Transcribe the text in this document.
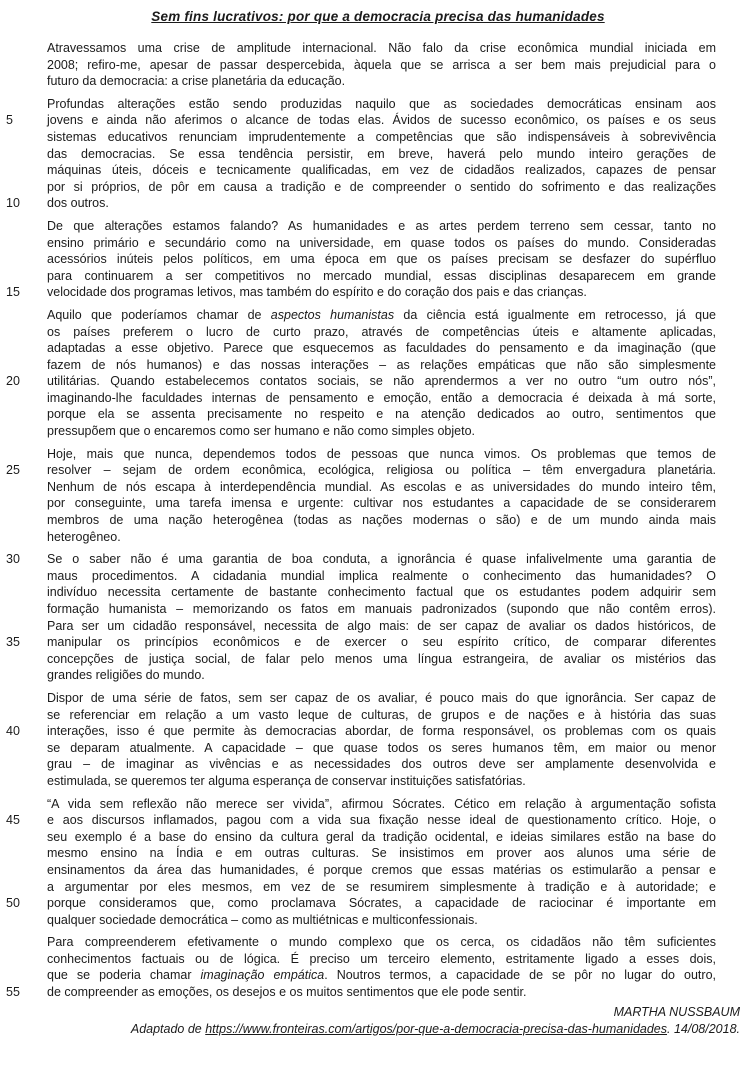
Sem fins lucrativos: por que a democracia precisa das humanidades
Atravessamos uma crise de amplitude internacional. Não falo da crise econômica mundial iniciada em
2008; refiro-me, apesar de passar despercebida, àquela que se arrisca a ser bem mais prejudicial para o
futuro da democracia: a crise planetária da educação.
Profundas alterações estão sendo produzidas naquilo que as sociedades democráticas ensinam aos
5	jovens e ainda não aferimos o alcance de todas elas. Ávidos de sucesso econômico, os países e os seus
sistemas educativos renunciam imprudentemente a competências que são indispensáveis à sobrevivência
das democracias. Se essa tendência persistir, em breve, haverá pelo mundo inteiro gerações de
máquinas úteis, dóceis e tecnicamente qualificadas, em vez de cidadãos realizados, capazes de pensar
por si próprios, de pôr em causa a tradição e de compreender o sentido do sofrimento e das realizações
10	dos outros.
De que alterações estamos falando? As humanidades e as artes perdem terreno sem cessar, tanto no
ensino primário e secundário como na universidade, em quase todos os países do mundo. Consideradas
acessórios inúteis pelos políticos, em uma época em que os países precisam se desfazer do supérfluo
para continuarem a ser competitivos no mercado mundial, essas disciplinas desaparecem em grande
15	velocidade dos programas letivos, mas também do espírito e do coração dos pais e das crianças.
Aquilo que poderíamos chamar de aspectos humanistas da ciência está igualmente em retrocesso, já que
os países preferem o lucro de curto prazo, através de competências úteis e altamente aplicadas,
adaptadas a esse objetivo. Parece que esquecemos as faculdades do pensamento e da imaginação (que
fazem de nós humanos) e das nossas interações – as relações empáticas que não são simplesmente
20	utilitárias. Quando estabelecemos contatos sociais, se não aprendermos a ver no outro “um outro nós”,
imaginando-lhe faculdades internas de pensamento e emoção, então a democracia é deixada à má sorte,
porque ela se assenta precisamente no respeito e na atenção dedicados ao outro, sentimentos que
pressupõem que o encaremos como ser humano e não como simples objeto.
Hoje, mais que nunca, dependemos todos de pessoas que nunca vimos. Os problemas que temos de
25	resolver – sejam de ordem econômica, ecológica, religiosa ou política – têm envergadura planetária.
Nenhum de nós escapa à interdependência mundial. As escolas e as universidades do mundo inteiro têm,
por conseguinte, uma tarefa imensa e urgente: cultivar nos estudantes a capacidade de se considerarem
membros de uma nação heterogênea (todas as nações modernas o são) e de um mundo ainda mais
heterogêneo.
30	Se o saber não é uma garantia de boa conduta, a ignorância é quase infalivelmente uma garantia de
maus procedimentos. A cidadania mundial implica realmente o conhecimento das humanidades? O
indivíduo necessita certamente de bastante conhecimento factual que os estudantes podem adquirir sem
formação humanista – memorizando os fatos em manuais padronizados (supondo que não contêm erros).
Para ser um cidadão responsável, necessita de algo mais: de ser capaz de avaliar os dados históricos, de
35	manipular os princípios econômicos e de exercer o seu espírito crítico, de comparar diferentes
concepções de justiça social, de falar pelo menos uma língua estrangeira, de avaliar os mistérios das
grandes religiões do mundo.
Dispor de uma série de fatos, sem ser capaz de os avaliar, é pouco mais do que ignorância. Ser capaz de
se referenciar em relação a um vasto leque de culturas, de grupos e de nações e à história das suas
40	interações, isso é que permite às democracias abordar, de forma responsável, os problemas com os quais
se deparam atualmente. A capacidade – que quase todos os seres humanos têm, em maior ou menor
grau – de imaginar as vivências e as necessidades dos outros deve ser amplamente desenvolvida e
estimulada, se queremos ter alguma esperança de conservar instituições satisfatórias.
“A vida sem reflexão não merece ser vivida”, afirmou Sócrates. Cético em relação à argumentação sofista
45	e aos discursos inflamados, pagou com a vida sua fixação nesse ideal de questionamento crítico. Hoje, o
seu exemplo é a base do ensino da cultura geral da tradição ocidental, e ideias similares estão na base do
mesmo ensino na Índia e em outras culturas. Se insistimos em prover aos alunos uma série de
ensinamentos da área das humanidades, é porque cremos que essas matérias os estimularão a pensar e
a argumentar por eles mesmos, em vez de se resumirem simplesmente à tradição e à autoridade; e
50	porque consideramos que, como proclamava Sócrates, a capacidade de raciocinar é importante em
qualquer sociedade democrática – como as multiétnicas e multiconfessionais.
Para compreenderem efetivamente o mundo complexo que os cerca, os cidadãos não têm suficientes
conhecimentos factuais ou de lógica. É preciso um terceiro elemento, estritamente ligado a esses dois,
que se poderia chamar imaginação empática. Noutros termos, a capacidade de se pôr no lugar do outro,
55	de compreender as emoções, os desejos e os muitos sentimentos que ele pode sentir.
MARTHA NUSSBAUM
Adaptado de https://www.fronteiras.com/artigos/por-que-a-democracia-precisa-das-humanidades. 14/08/2018.
